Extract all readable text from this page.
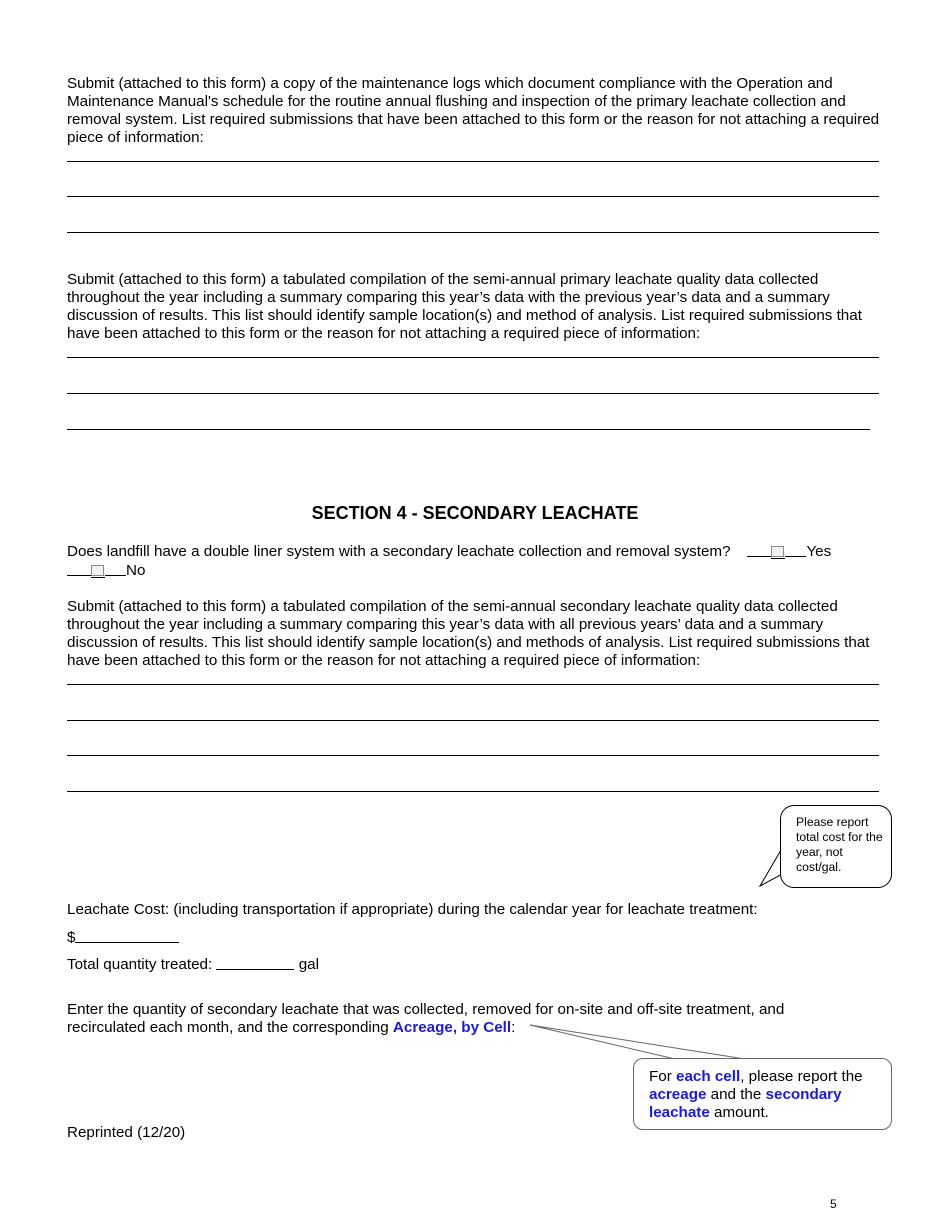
Submit (attached to this form) a copy of the maintenance logs which document compliance with the Operation and Maintenance Manual's schedule for the routine annual flushing and inspection of the primary leachate collection and removal system. List required submissions that have been attached to this form or the reason for not attaching a required piece of information:
Submit (attached to this form) a tabulated compilation of the semi-annual primary leachate quality data collected throughout the year including a summary comparing this year’s data with the previous year’s data and a summary discussion of results. This list should identify sample location(s) and method of analysis. List required submissions that have been attached to this form or the reason for not attaching a required piece of information:
SECTION 4 - SECONDARY LEACHATE
Does landfill have a double liner system with a secondary leachate collection and removal system?	Yes
No
Submit (attached to this form) a tabulated compilation of the semi-annual secondary leachate quality data collected throughout the year including a summary comparing this year’s data with all previous years’ data and a summary discussion of results. This list should identify sample location(s) and methods of analysis. List required submissions that have been attached to this form or the reason for not attaching a required piece of information:
Please report total cost for the year, not cost/gal.
Leachate Cost: (including transportation if appropriate) during the calendar year for leachate treatment:
$
Total quantity treated:	gal
Enter the quantity of secondary leachate that was collected, removed for on-site and off-site treatment, and recirculated each month, and the corresponding Acreage, by Cell:
For each cell, please report the acreage and the secondary leachate amount.
Reprinted (12/20)
5
